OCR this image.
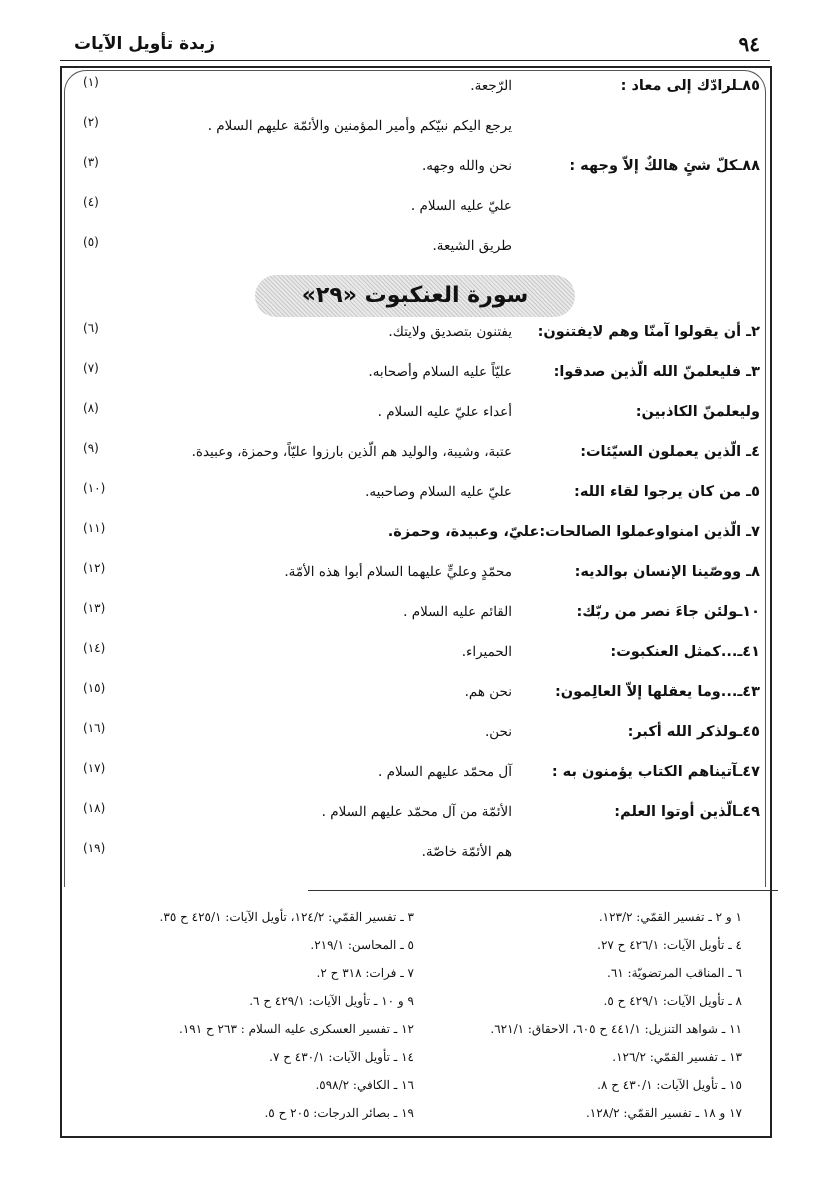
٩٤
زبدة تأويل الآيات
(١)	٨٥ـلرادّك إلى معاد :
الرّجعة.
(٢)	يرجع اليكم نبيّكم وأمير المؤمنين والأئمّة عليهم السلام .
(٣)	٨٨ـكلّ شئٍ هالكٌ إلاّ وجهه :
نحن والله وجهه.
(٤)	عليّ عليه السلام .
(٥)	طريق الشيعة.
(٦)	٢ـ أن يقولوا آمنّا وهم لايفتنون:
يفتنون بتصديق ولايتك.
(٧)	٣ـ فليعلمنّ الله الّذين صدقوا:
عليّاً عليه السلام وأصحابه.
(٨)	وليعلمنّ الكاذبين:
أعداء عليّ عليه السلام .
(٩)	٤ـ الّذين يعملون السيّئات:
عتبة، وشيبة، والوليد هم الّذين بارزوا عليّاً، وحمزة، وعبيدة.
(١٠)	٥ـ من كان يرجوا لقاء الله:
عليّ عليه السلام وصاحبيه.
(١١)	٧ـ الّذين امنواوعملوا الصالحات:عليّ، وعبيدة، وحمزة.
(١٢)	٨ـ ووصّينا الإنسان بوالديه:
محمّدٍ وعليٍّ عليهما السلام أبوا هذه الأمّة.
(١٣)	١٠ـولئن جاءَ نصر من ربّك:
القائم عليه السلام .
(١٤)	٤١ـ...كمثل العنكبوت:
الحميراء.
(١٥)	٤٣ـ...وما يعقلها إلاّ العالِمون:
نحن هم.
(١٦)	٤٥ـولذكر الله أكبر:
نحن.
(١٧)	٤٧ـآتيناهم الكتاب يؤمنون به :
آل محمّد عليهم السلام .
(١٨)	٤٩ـالّذين أوتوا العلم:
الأئمّة من آل محمّد عليهم السلام .
(١٩)	هم الأئمّة خاصّة.
سورة العنكبوت «٢٩»
١ و ٢ ـ تفسير القمّي: ١٢٣/٢.
٤ ـ تأويل الآيات: ٤٢٦/١ ح ٢٧.
٦ ـ المناقب المرتضويّة: ٦١.
٨ ـ تأويل الآيات: ٤٢٩/١ ح ٥.
١١ ـ شواهد التنزيل: ٤٤١/١ ح ٦٠٥، الاحقاق: ٦٢١/١.
١٣ ـ تفسير القمّي: ١٢٦/٢.
١٥ ـ تأويل الآيات: ٤٣٠/١ ح ٨.
١٧ و ١٨ ـ تفسير القمّي: ١٢٨/٢.
٣ ـ تفسير القمّي: ١٢٤/٢، تأويل الآيات: ٤٢٥/١ ح ٣٥.
٥ ـ المحاسن: ٢١٩/١.
٧ ـ فرات: ٣١٨ ح ٢.
٩ و ١٠ ـ تأويل الآيات: ٤٢٩/١ ح ٦.
١٢ ـ تفسير العسكرى عليه السلام : ٢٦٣ ح ١٩١.
١٤ ـ تأويل الآيات: ٤٣٠/١ ح ٧.
١٦ ـ الكافي: ٥٩٨/٢.
١٩ ـ بصائر الدرجات: ٢٠٥ ح ٥.
